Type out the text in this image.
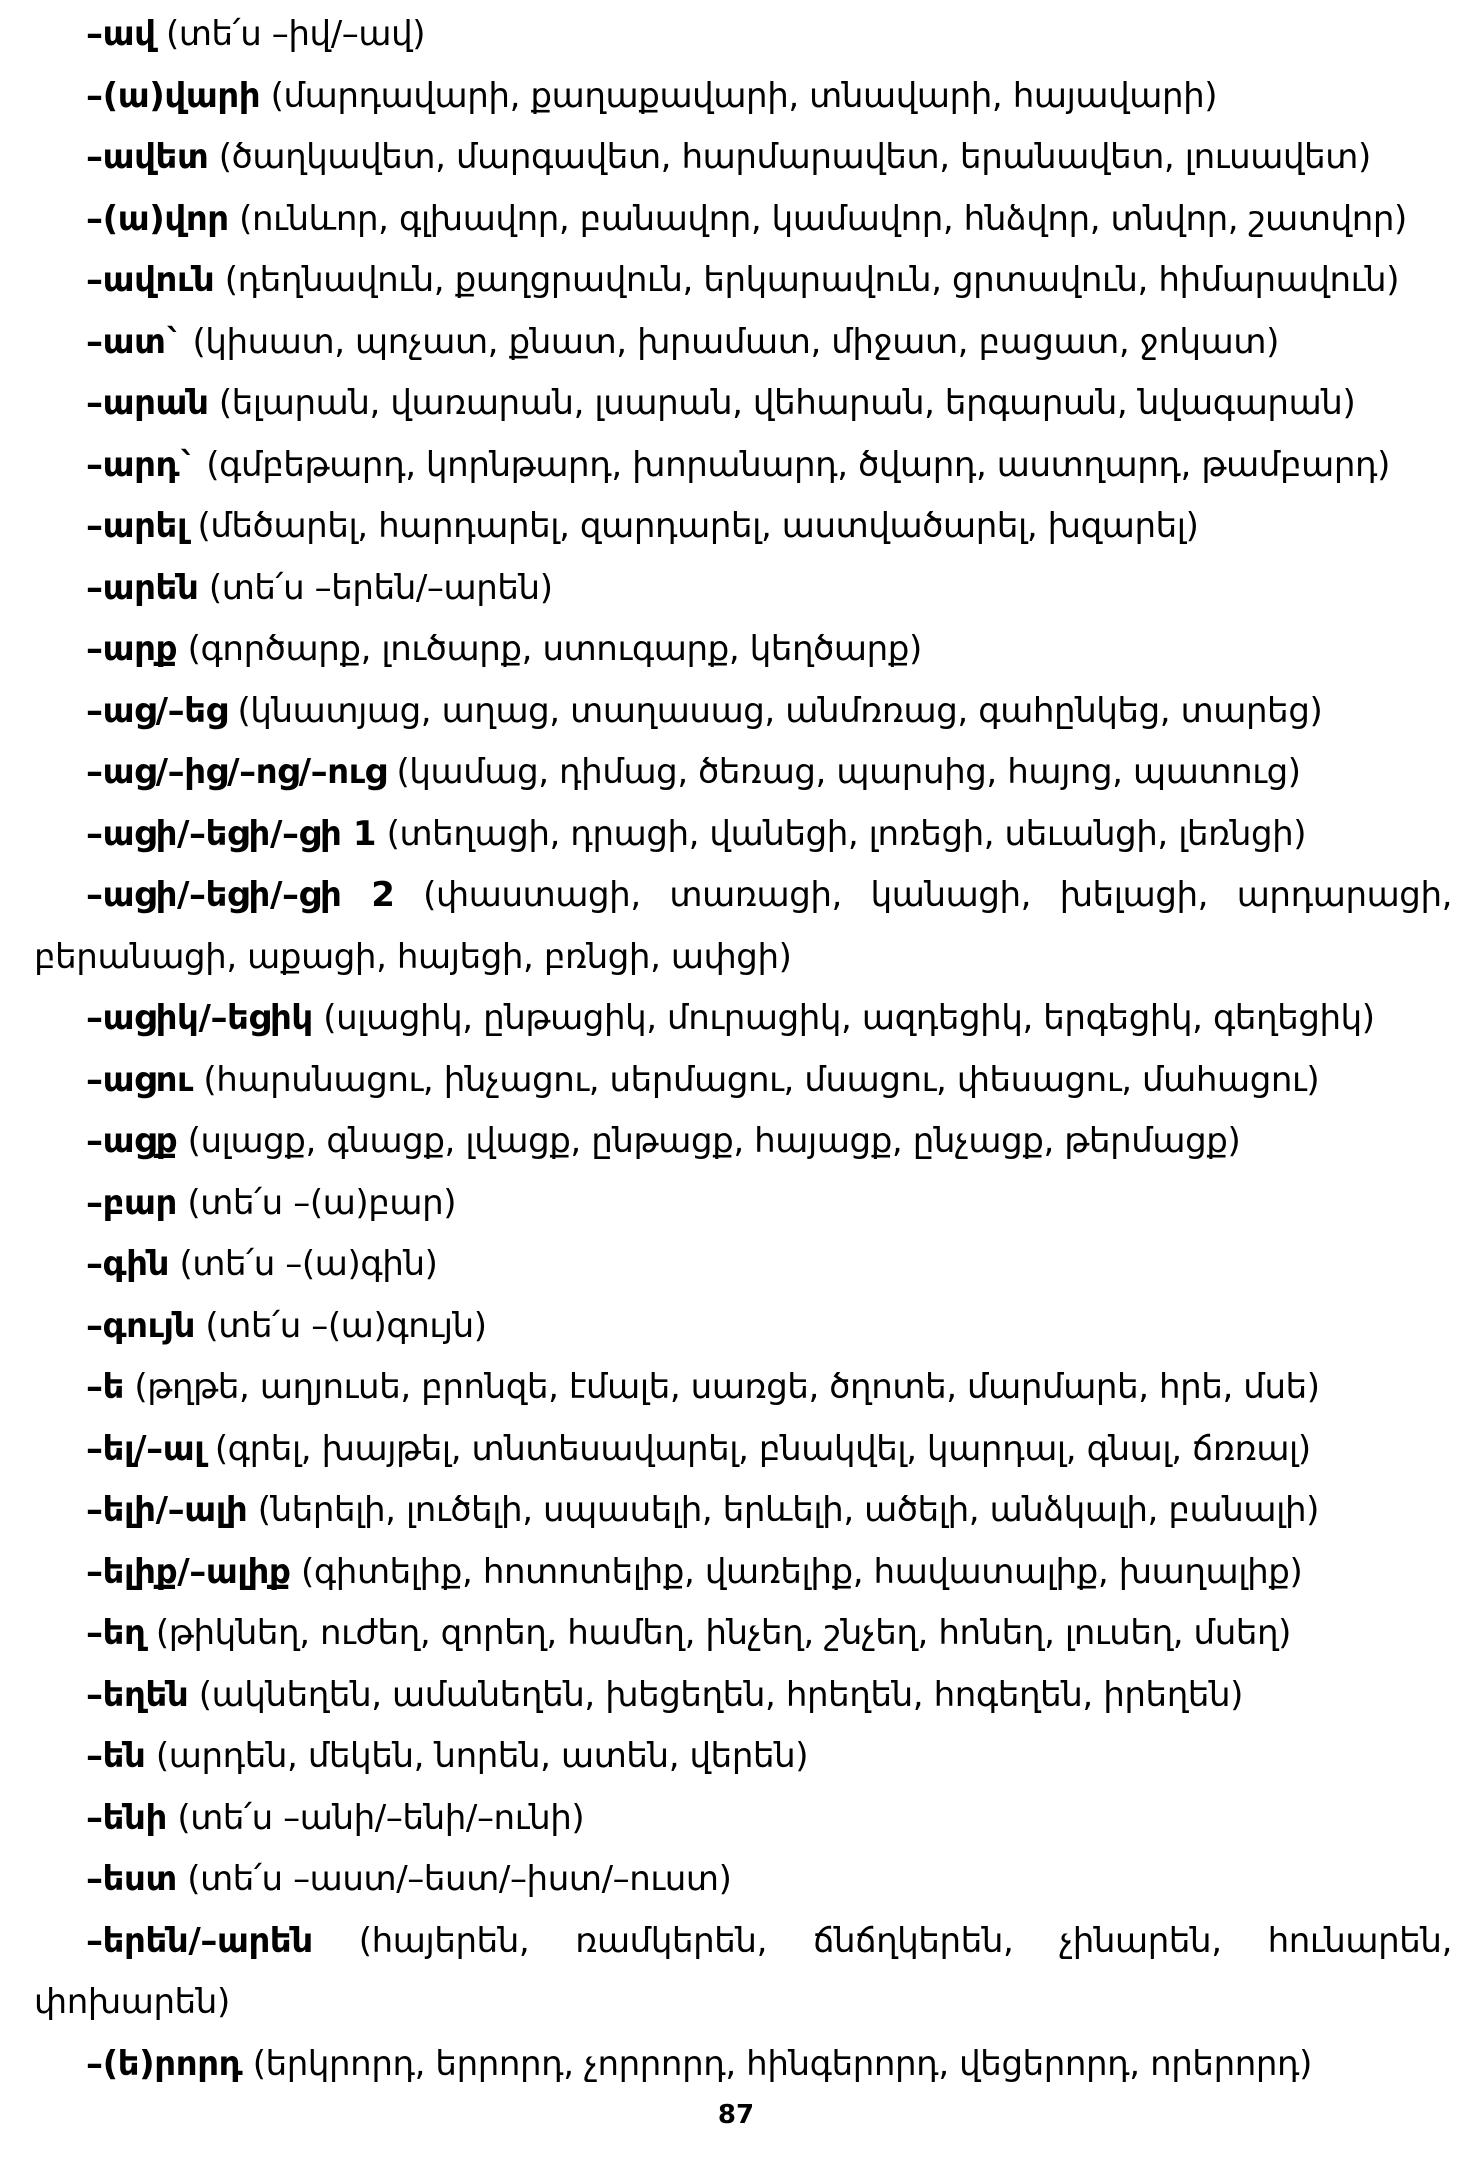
–ավ (տե՛ս –իվ/–ավ)

–(ա)վարի (մարդավարի, քաղաքավարի, տնավարի, հայավարի)

–ավետ (ծաղկավետ, մարգավետ, հարմարավետ, երանավետ, լուսավետ)

–(ա)վոր (ունևոր, գլխավոր, բանավոր, կամավոր, հնձվոր, տնվոր, շատվոր)

–ավուն (դեղնավուն, քաղցրավուն, երկարավուն, ցրտավուն, հիմարավուն)

–ատ` (կիսատ, պոչատ, քնատ, խրամատ, միջատ, բացատ, ջոկատ)

–արան (ելարան, վառարան, լսարան, վեհարան, երգարան, նվագարան)

–արդ` (գմբեթարդ, կորնթարդ, խորանարդ, ծվարդ, աստղարդ, թամբարդ)

–արել (մեծարել, հարդարել, զարդարել, աստվածարել, խզարել)

–արեն (տե՛ս –երեն/–արեն)

–արք (գործարք, լուծարք, ստուգարք, կեղծարք)

–աց/–եց (կնատյաց, աղաց, տաղասաց, անմռռաց, գահընկեց, տարեց)

–աց/–ից/–ոց/–ուց (կամաց, դիմաց, ծեռաց, պարսից, հայոց, պատուց)

–ացի/–եցի/–ցի 1 (տեղացի, դրացի, վանեցի, լոռեցի, սեւանցի, լեռնցի)

–ացի/–եցի/–ցի 2 (փաստացի, տառացի, կանացի, խելացի, արդարացի, բերանացի, աքացի, հայեցի, բռնցի, ափցի)

–ացիկ/–եցիկ (սլացիկ, ընթացիկ, մուրացիկ, ազդեցիկ, երգեցիկ, գեղեցիկ)

–ացու (հարսնացու, ինչացու, սերմացու, մսացու, փեսացու, մահացու)

–ացք (սլացք, գնացք, լվացք, ընթացք, հայացք, ընչացք, թերմացք)

–բար (տե՛ս –(ա)բար)

–գին (տե՛ս –(ա)գին)

–գույն (տե՛ս –(ա)գույն)

–ե (թղթե, աղյուսե, բրոնզե, էմալե, սառցե, ծղոտե, մարմարե, հրե, մսե)

–ել/–ալ (գրել, խայթել, տնտեսավարել, բնակվել, կարդալ, գնալ, ճռռալ)

–ելի/–ալի (ներելի, լուծելի, սպասելի, երևելի, ածելի, անձկալի, բանալի)

–ելիք/–ալիք (գիտելիք, հոտոտելիք, վառելիք, հավատալիք, խաղալիք)

–եղ (թիկնեղ, ուժեղ, զորեղ, համեղ, ինչեղ, շնչեղ, հոնեղ, լուսեղ, մսեղ)

–եղեն (ակնեղեն, ամանեղեն, խեցեղեն, հրեղեն, հոգեղեն, իրեղեն)

–են (արդեն, մեկեն, նորեն, ատեն, վերեն)

–ենի (տե՛ս –անի/–ենի/–ունի)

–եստ (տե՛ս –աստ/–եստ/–իստ/–ուստ)

–երեն/–արեն (հայերեն, ռամկերեն, ճնճղկերեն, չինարեն, հունարեն, փոխարեն)

–(ե)րորդ (երկրորդ, երրորդ, չորրորդ, հինգերորդ, վեցերորդ, որերորդ)

87
